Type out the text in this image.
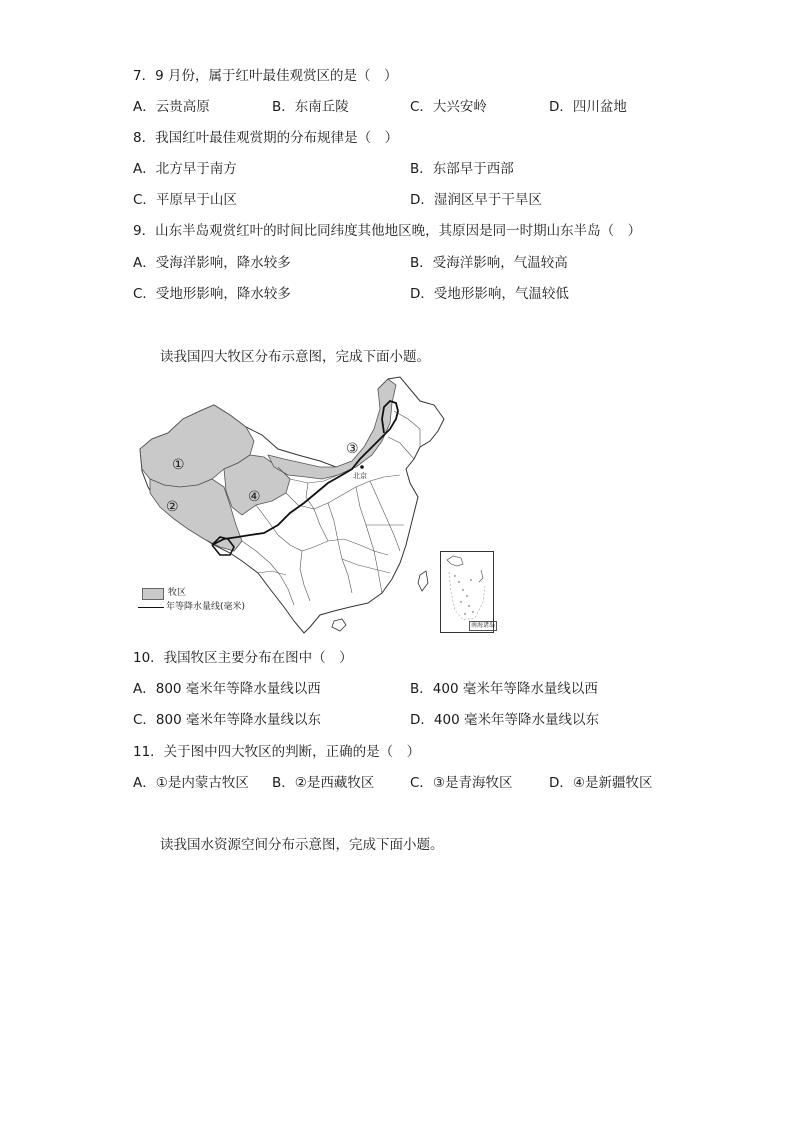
7．9 月份，属于红叶最佳观赏区的是（　）
A．云贵高原	B．东南丘陵	C．大兴安岭	D．四川盆地
8．我国红叶最佳观赏期的分布规律是（　）
A．北方早于南方	B．东部早于西部
C．平原早于山区	D．湿润区早于干旱区
9．山东半岛观赏红叶的时间比同纬度其他地区晚，其原因是同一时期山东半岛（　）
A．受海洋影响，降水较多	B．受海洋影响，气温较高
C．受地形影响，降水较多	D．受地形影响，气温较低
读我国四大牧区分布示意图，完成下面小题。
①
②
③
④
北京
牧区
年等降水量线(毫米)
南海诸岛
10．我国牧区主要分布在图中（　）
A．800 毫米年等降水量线以西	B．400 毫米年等降水量线以西
C．800 毫米年等降水量线以东	D．400 毫米年等降水量线以东
11．关于图中四大牧区的判断，正确的是（　）
A．①是内蒙古牧区 B．②是西藏牧区	C．③是青海牧区	D．④是新疆牧区
读我国水资源空间分布示意图，完成下面小题。
